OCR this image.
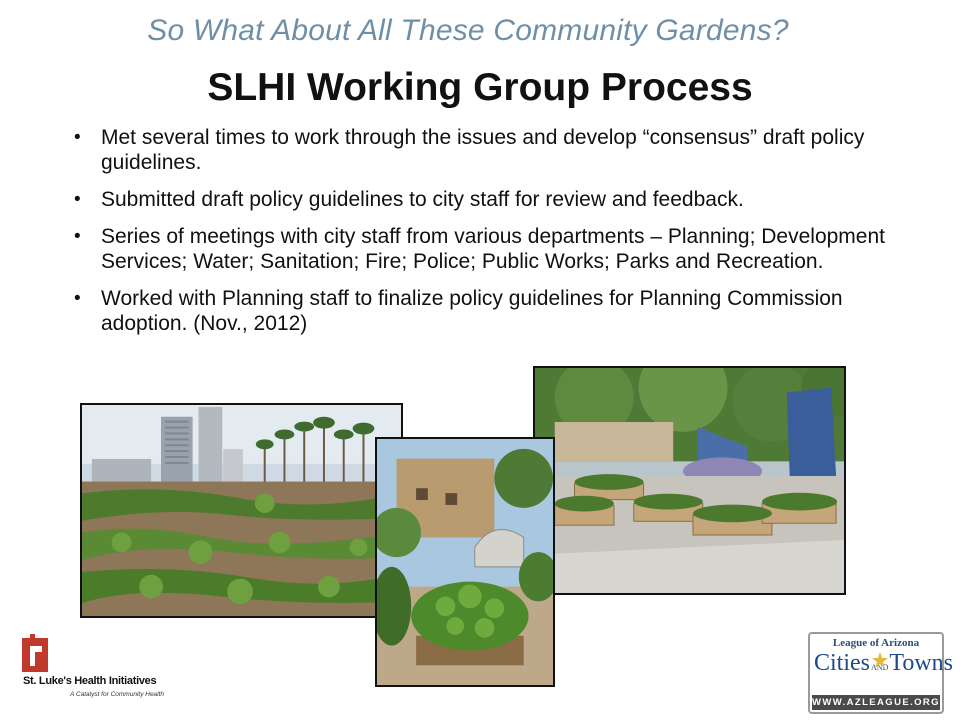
So What About All These Community Gardens?
SLHI Working Group Process
• Met several times to work through the issues and develop “consensus” draft policy guidelines.
• Submitted draft policy guidelines to city staff for review and feedback.
• Series of meetings with city staff from various departments – Planning; Development Services; Water; Sanitation; Fire; Police; Public Works; Parks and Recreation.
• Worked with Planning staff to finalize policy guidelines for Planning Commission adoption. (Nov., 2012)
St. Luke's Health Initiatives
A Catalyst for Community Health
League of Arizona
CitiesANDTowns
WWW.AZLEAGUE.ORG
